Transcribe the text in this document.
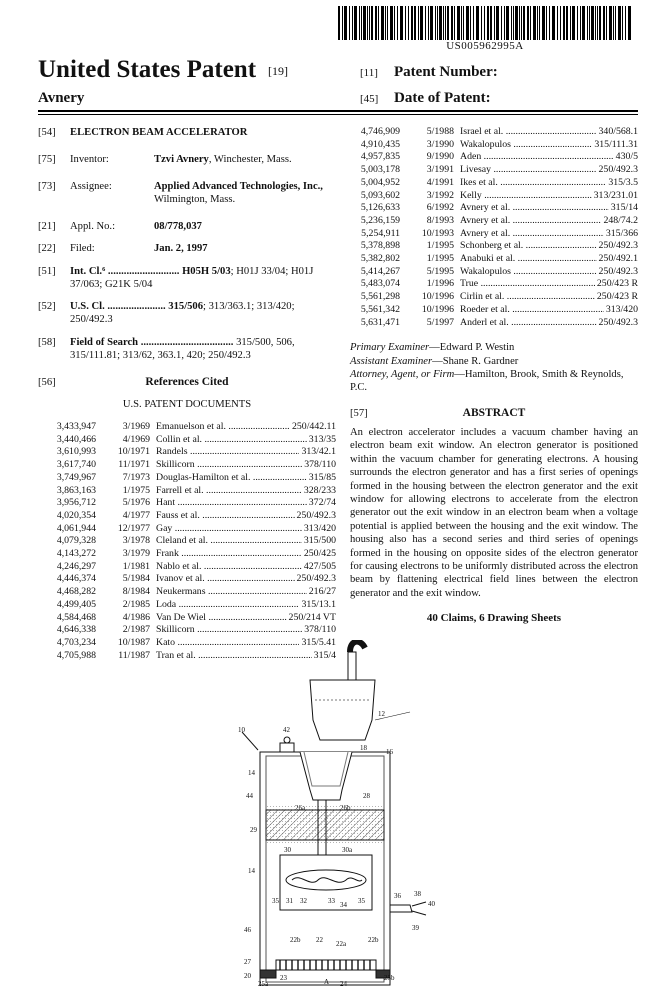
US005962995A
United States Patent [19]
Avnery
[11] Patent Number:
[45] Date of Patent:
[54] ELECTRON BEAM ACCELERATOR
[75] Inventor:	Tzvi Avnery, Winchester, Mass.
[73] Assignee:	Applied Advanced Technologies, Inc.,
Wilmington, Mass.
[21] Appl. No.:	08/778,037
[22] Filed:	Jan. 2, 1997
[51] Int. Cl.⁶ ........................... H05H 5/03; H01J 33/04; H01J 37/063; G21K 5/04
[52] U.S. Cl. ...................... 315/506; 313/363.1; 313/420; 250/492.3
[58] Field of Search ................................... 315/500, 506, 315/111.81; 313/62, 363.1, 420; 250/492.3
[56]	References Cited
U.S. PATENT DOCUMENTS
3,433,947	3/1969 Emanuelson et al. .....	250/442.11
3,440,466	4/1969 Collin et al. .....	313/35
3,610,993	10/1971 Randels .....	313/42.1
3,617,740	11/1971 Skillicorn .....	378/110
3,749,967	7/1973 Douglas-Hamilton et al. .....	315/85
3,863,163	1/1975 Farrell et al. .....	328/233
3,956,712	5/1976 Hant .....	372/74
4,020,354	4/1977 Fauss et al. .....	250/492.3
4,061,944	12/1977 Gay .....	313/420
4,079,328	3/1978 Cleland et al. .....	315/500
4,143,272	3/1979 Frank .....	250/425
4,246,297	1/1981 Nablo et al. .....	427/505
4,446,374	5/1984 Ivanov et al. .....	250/492.3
4,468,282	8/1984 Neukermans .....	216/27
4,499,405	2/1985 Loda .....	315/13.1
4,584,468	4/1986 Van De Wiel .....	250/214 VT
4,646,338	2/1987 Skillicorn .....	378/110
4,703,234	10/1987 Kato .....	315/5.41
4,705,988	11/1987 Tran et al. .....	315/4
4,746,909	5/1988 Israel et al. .....	340/568.1
4,910,435	3/1990 Wakalopulos .....	315/111.31
4,957,835	9/1990 Aden .....	430/5
5,003,178	3/1991 Livesay .....	250/492.3
5,004,952	4/1991 Ikes et al. .....	315/3.5
5,093,602	3/1992 Kelly .....	313/231.01
5,126,633	6/1992 Avnery et al. .....	315/14
5,236,159	8/1993 Avnery et al. .....	248/74.2
5,254,911	10/1993 Avnery et al. .....	315/366
5,378,898	1/1995 Schonberg et al. .....	250/492.3
5,382,802	1/1995 Anabuki et al. .....	250/492.1
5,414,267	5/1995 Wakalopulos .....	250/492.3
5,483,074	1/1996 True .....	250/423 R
5,561,298	10/1996 Cirlin et al. .....	250/423 R
5,561,342	10/1996 Roeder et al. .....	313/420
5,631,471	5/1997 Anderl et al. .....	250/492.3
Primary Examiner—Edward P. Westin
Assistant Examiner—Shane R. Gardner
Attorney, Agent, or Firm—Hamilton, Brook, Smith & Reynolds, P.C.
[57]	ABSTRACT
An electron accelerator includes a vacuum chamber having an electron beam exit window. An electron generator is positioned within the vacuum chamber for generating electrons. A housing surrounds the electron generator and has a first series of openings formed in the housing between the electron generator and the exit window for allowing electrons to accelerate from the electron generator out the exit window in an electron beam when a voltage potential is applied between the housing and the exit window. The housing also has a second series and third series of openings formed in the housing on opposite sides of the electron generator for causing electrons to be uniformly distributed across the electron beam by flattening electrical field lines between the electron generator and the exit window.
40 Claims, 6 Drawing Sheets
10
12
42
18	16
14
44	28
26a	26b
29
30	30a
14
35 31 32	33 34 35
36 38
40
46
22b 22 22a	22b
27
20	23
25a	A 24
25b
39
